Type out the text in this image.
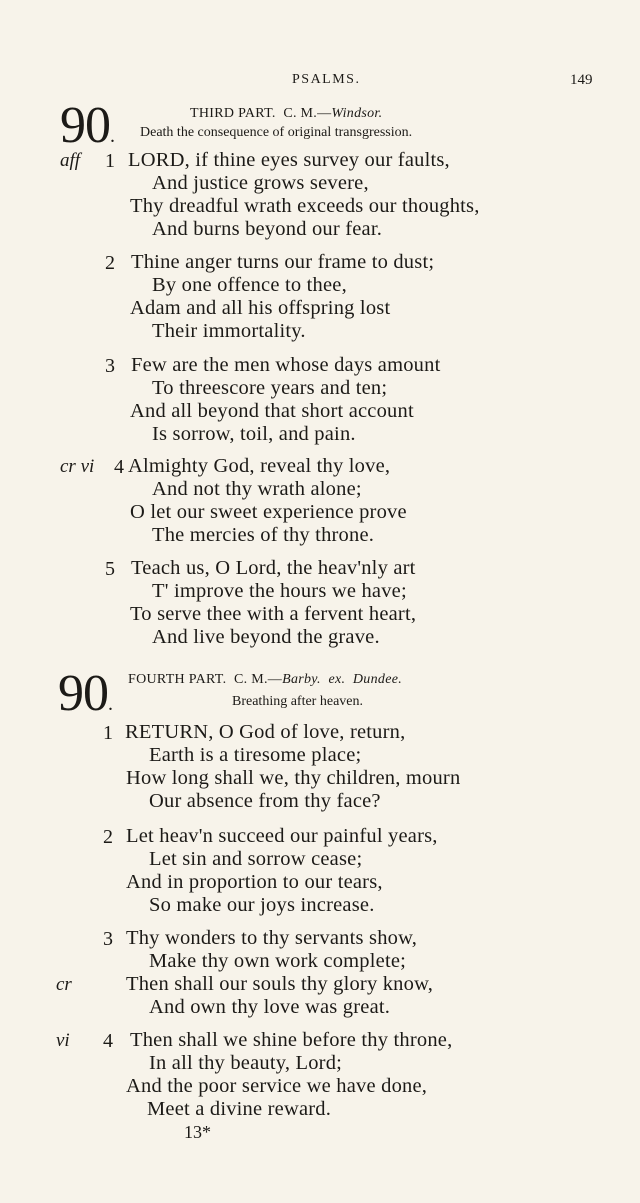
PSALMS.	149
90.
THIRD PART. C. M.—Windsor.
Death the consequence of original transgression.
aff 1 LORD, if thine eyes survey our faults,
And justice grows severe,
Thy dreadful wrath exceeds our thoughts,
And burns beyond our fear.
2 Thine anger turns our frame to dust;
By one offence to thee,
Adam and all his offspring lost
Their immortality.
3 Few are the men whose days amount
To threescore years and ten;
And all beyond that short account
Is sorrow, toil, and pain.
cr vi 4 Almighty God, reveal thy love,
And not thy wrath alone;
O let our sweet experience prove
The mercies of thy throne.
5 Teach us, O Lord, the heav'nly art
T' improve the hours we have;
To serve thee with a fervent heart,
And live beyond the grave.
90.
FOURTH PART. C. M.—Barby. ex. Dundee.
Breathing after heaven.
1 RETURN, O God of love, return,
Earth is a tiresome place;
How long shall we, thy children, mourn
Our absence from thy face?
2 Let heav'n succeed our painful years,
Let sin and sorrow cease;
And in proportion to our tears,
So make our joys increase.
3 Thy wonders to thy servants show,
Make thy own work complete;
cr	Then shall our souls thy glory know,
And own thy love was great.
vi 4 Then shall we shine before thy throne,
In all thy beauty, Lord;
And the poor service we have done,
Meet a divine reward.
13*
